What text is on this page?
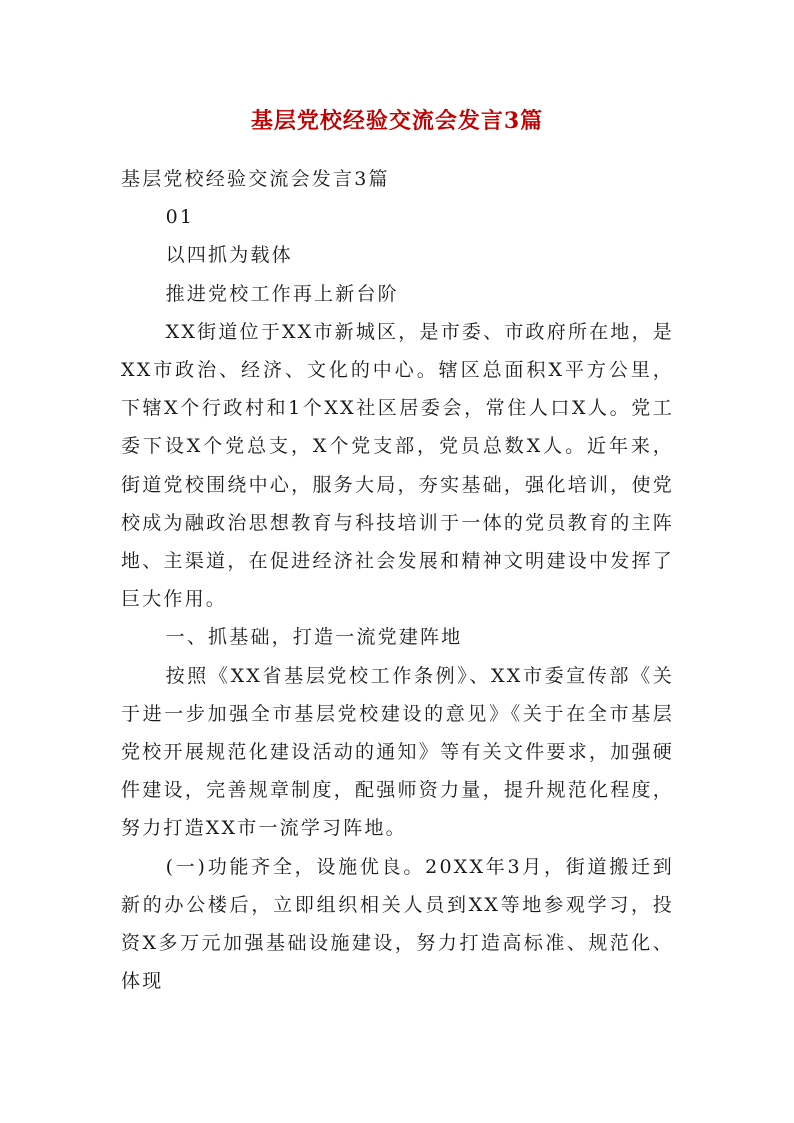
基层党校经验交流会发言3篇

基层党校经验交流会发言3篇

01

以四抓为载体

推进党校工作再上新台阶

XX街道位于XX市新城区，是市委、市政府所在地，是XX市政治、经济、文化的中心。辖区总面积X平方公里，下辖X个行政村和1个XX社区居委会，常住人口X人。党工委下设X个党总支，X个党支部，党员总数X人。近年来，街道党校围绕中心，服务大局，夯实基础，强化培训，使党校成为融政治思想教育与科技培训于一体的党员教育的主阵地、主渠道，在促进经济社会发展和精神文明建设中发挥了巨大作用。

一、抓基础，打造一流党建阵地

按照《XX省基层党校工作条例》、XX市委宣传部《关于进一步加强全市基层党校建设的意见》《关于在全市基层党校开展规范化建设活动的通知》等有关文件要求，加强硬件建设，完善规章制度，配强师资力量，提升规范化程度，努力打造XX市一流学习阵地。

(一)功能齐全，设施优良。20XX年3月，街道搬迁到新的办公楼后，立即组织相关人员到XX等地参观学习，投资X多万元加强基础设施建设，努力打造高标准、规范化、体现
